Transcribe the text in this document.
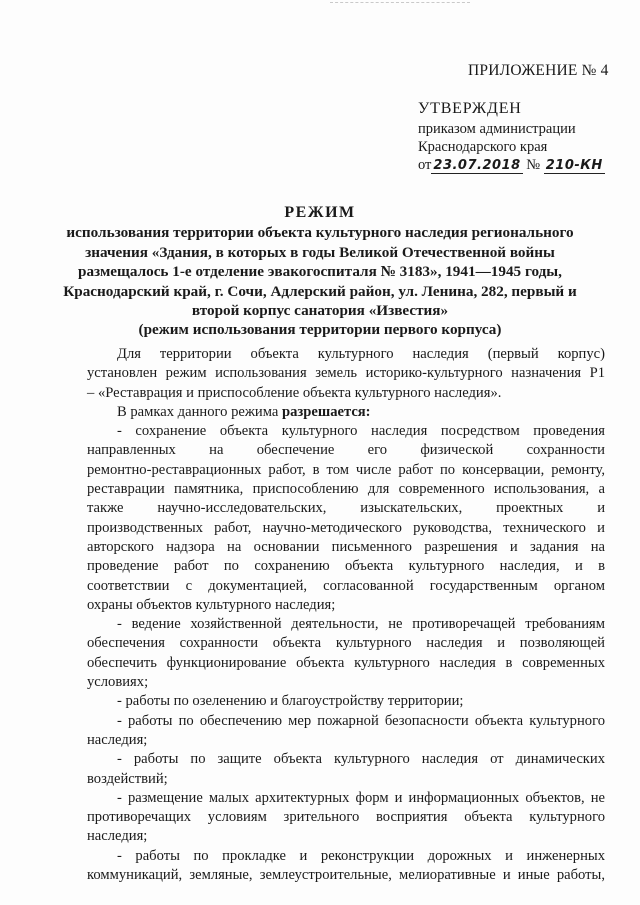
ПРИЛОЖЕНИЕ № 4
УТВЕРЖДЕН
приказом администрации
Краснодарского края
от 23.07.2018 № 210-КН
РЕЖИМ
использования территории объекта культурного наследия регионального
значения «Здания, в которых в годы Великой Отечественной войны
размещалось 1-е отделение эвакогоспиталя № 3183», 1941—1945 годы,
Краснодарский край, г. Сочи, Адлерский район, ул. Ленина, 282, первый и
второй корпус санатория «Известия»
(режим использования территории первого корпуса)
Для территории объекта культурного наследия (первый корпус)
установлен режим использования земель историко-культурного назначения Р1
– «Реставрация и приспособление объекта культурного наследия».
В рамках данного режима разрешается:
- сохранение объекта культурного наследия посредством проведения
направленных на обеспечение его физической сохранности
ремонтно-реставрационных работ, в том числе работ по консервации, ремонту,
реставрации памятника, приспособлению для современного использования, а
также научно-исследовательских, изыскательских, проектных и
производственных работ, научно-методического руководства, технического и
авторского надзора на основании письменного разрешения и задания на
проведение работ по сохранению объекта культурного наследия, и в
соответствии с документацией, согласованной государственным органом
охраны объектов культурного наследия;
- ведение хозяйственной деятельности, не противоречащей требованиям
обеспечения сохранности объекта культурного наследия и позволяющей
обеспечить функционирование объекта культурного наследия в современных
условиях;
- работы по озеленению и благоустройству территории;
- работы по обеспечению мер пожарной безопасности объекта культурного
наследия;
- работы по защите объекта культурного наследия от динамических
воздействий;
- размещение малых архитектурных форм и информационных объектов, не
противоречащих условиям зрительного восприятия объекта культурного
наследия;
- работы по прокладке и реконструкции дорожных и инженерных
коммуникаций, земляные, землеустроительные, мелиоративные и иные работы,
